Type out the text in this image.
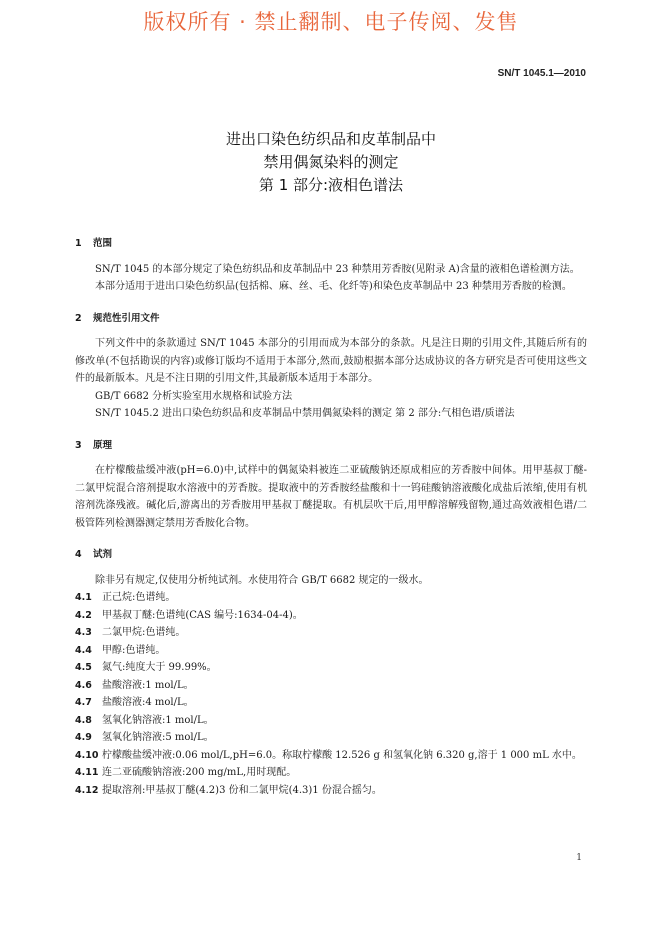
版权所有 · 禁止翻制、电子传阅、发售
SN/T 1045.1—2010
进出口染色纺织品和皮革制品中
禁用偶氮染料的测定
第 1 部分:液相色谱法
1 范围

SN/T 1045 的本部分规定了染色纺织品和皮革制品中 23 种禁用芳香胺(见附录 A)含量的液相色谱检测方法。

本部分适用于进出口染色纺织品(包括棉、麻、丝、毛、化纤等)和染色皮革制品中 23 种禁用芳香胺的检测。

2 规范性引用文件

下列文件中的条款通过 SN/T 1045 本部分的引用而成为本部分的条款。凡是注日期的引用文件,其随后所有的修改单(不包括勘误的内容)或修订版均不适用于本部分,然而,鼓励根据本部分达成协议的各方研究是否可使用这些文件的最新版本。凡是不注日期的引用文件,其最新版本适用于本部分。

GB/T 6682 分析实验室用水规格和试验方法
SN/T 1045.2 进出口染色纺织品和皮革制品中禁用偶氮染料的测定 第 2 部分:气相色谱/质谱法
3 原理

在柠檬酸盐缓冲液(pH=6.0)中,试样中的偶氮染料被连二亚硫酸钠还原成相应的芳香胺中间体。用甲基叔丁醚-二氯甲烷混合溶剂提取水溶液中的芳香胺。提取液中的芳香胺经盐酸和十一钨硅酸钠溶液酸化成盐后浓缩,使用有机溶剂洗涤残液。碱化后,游离出的芳香胺用甲基叔丁醚提取。有机层吹干后,用甲醇溶解残留物,通过高效液相色谱/二极管阵列检测器测定禁用芳香胺化合物。

4 试剂

除非另有规定,仅使用分析纯试剂。水使用符合 GB/T 6682 规定的一级水。

4.1 正己烷:色谱纯。
4.2 甲基叔丁醚:色谱纯(CAS 编号:1634-04-4)。
4.3 二氯甲烷:色谱纯。
4.4 甲醇:色谱纯。
4.5 氮气:纯度大于 99.99%。
4.6 盐酸溶液:1 mol/L。
4.7 盐酸溶液:4 mol/L。
4.8 氢氧化钠溶液:1 mol/L。
4.9 氢氧化钠溶液:5 mol/L。
4.10 柠檬酸盐缓冲液:0.06 mol/L,pH=6.0。称取柠檬酸 12.526 g 和氢氧化钠 6.320 g,溶于 1 000 mL 水中。
4.11 连二亚硫酸钠溶液:200 mg/mL,用时现配。
4.12 提取溶剂:甲基叔丁醚(4.2)3 份和二氯甲烷(4.3)1 份混合摇匀。
1
